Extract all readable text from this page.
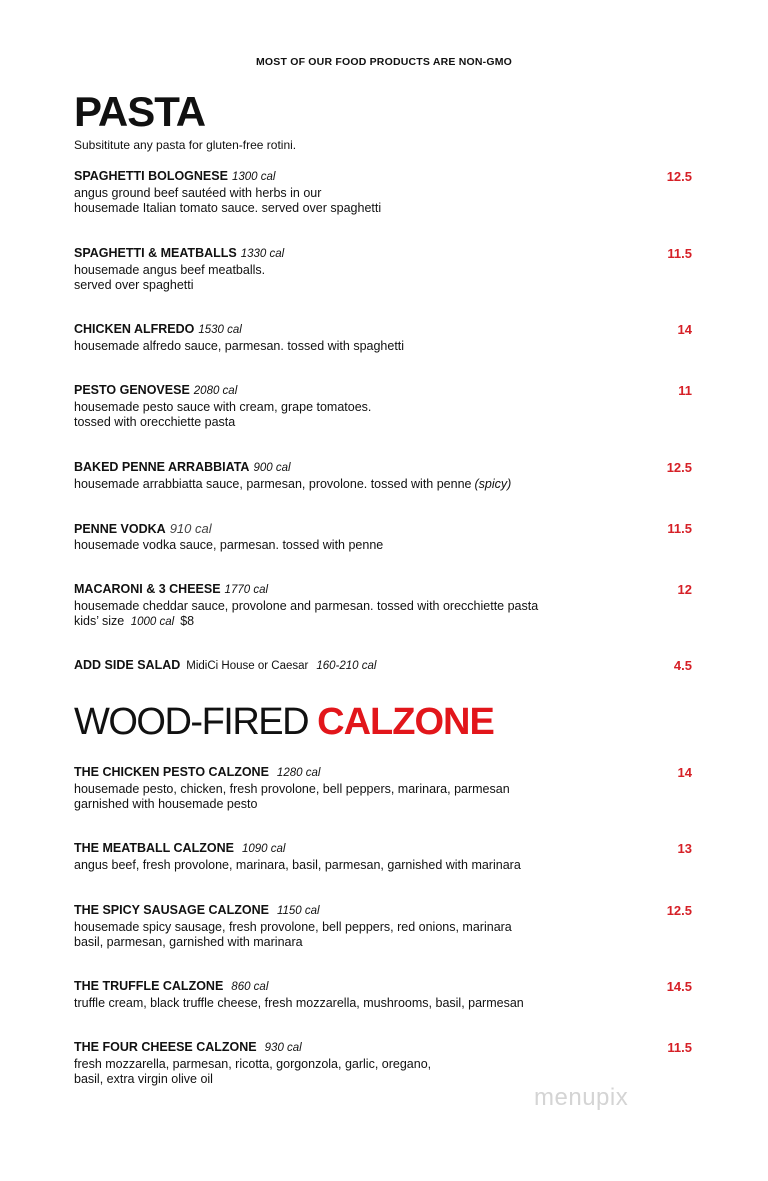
MOST OF OUR FOOD PRODUCTS ARE NON-GMO
PASTA
Subsititute any pasta for gluten-free rotini.
SPAGHETTI BOLOGNESE 1300 cal	12.5
angus ground beef sautéed with herbs in our
housemade Italian tomato sauce. served over spaghetti
SPAGHETTI & MEATBALLS 1330 cal	11.5
housemade angus beef meatballs.
served over spaghetti
CHICKEN ALFREDO 1530 cal	14
housemade alfredo sauce, parmesan. tossed with spaghetti
PESTO GENOVESE 2080 cal	11
housemade pesto sauce with cream, grape tomatoes.
tossed with orecchiette pasta
BAKED PENNE ARRABBIATA 900 cal	12.5
housemade arrabbiatta sauce, parmesan, provolone. tossed with penne (spicy)
PENNE VODKA 910 cal	11.5
housemade vodka sauce, parmesan. tossed with penne
MACARONI & 3 CHEESE 1770 cal	12
housemade cheddar sauce, provolone and parmesan. tossed with orecchiette pasta
kids’ size 1000 cal $8
ADD SIDE SALAD MidiCi House or Caesar 160-210 cal	4.5
WOOD-FIRED CALZONE
THE CHICKEN PESTO CALZONE 1280 cal	14
housemade pesto, chicken, fresh provolone, bell peppers, marinara, parmesan
garnished with housemade pesto
THE MEATBALL CALZONE 1090 cal	13
angus beef, fresh provolone, marinara, basil, parmesan, garnished with marinara
THE SPICY SAUSAGE CALZONE 1150 cal	12.5
housemade spicy sausage, fresh provolone, bell peppers, red onions, marinara
basil, parmesan, garnished with marinara
THE TRUFFLE CALZONE 860 cal	14.5
truffle cream, black truffle cheese, fresh mozzarella, mushrooms, basil, parmesan
THE FOUR CHEESE CALZONE 930 cal	11.5
fresh mozzarella, parmesan, ricotta, gorgonzola, garlic, oregano,
basil, extra virgin olive oil
menupix
